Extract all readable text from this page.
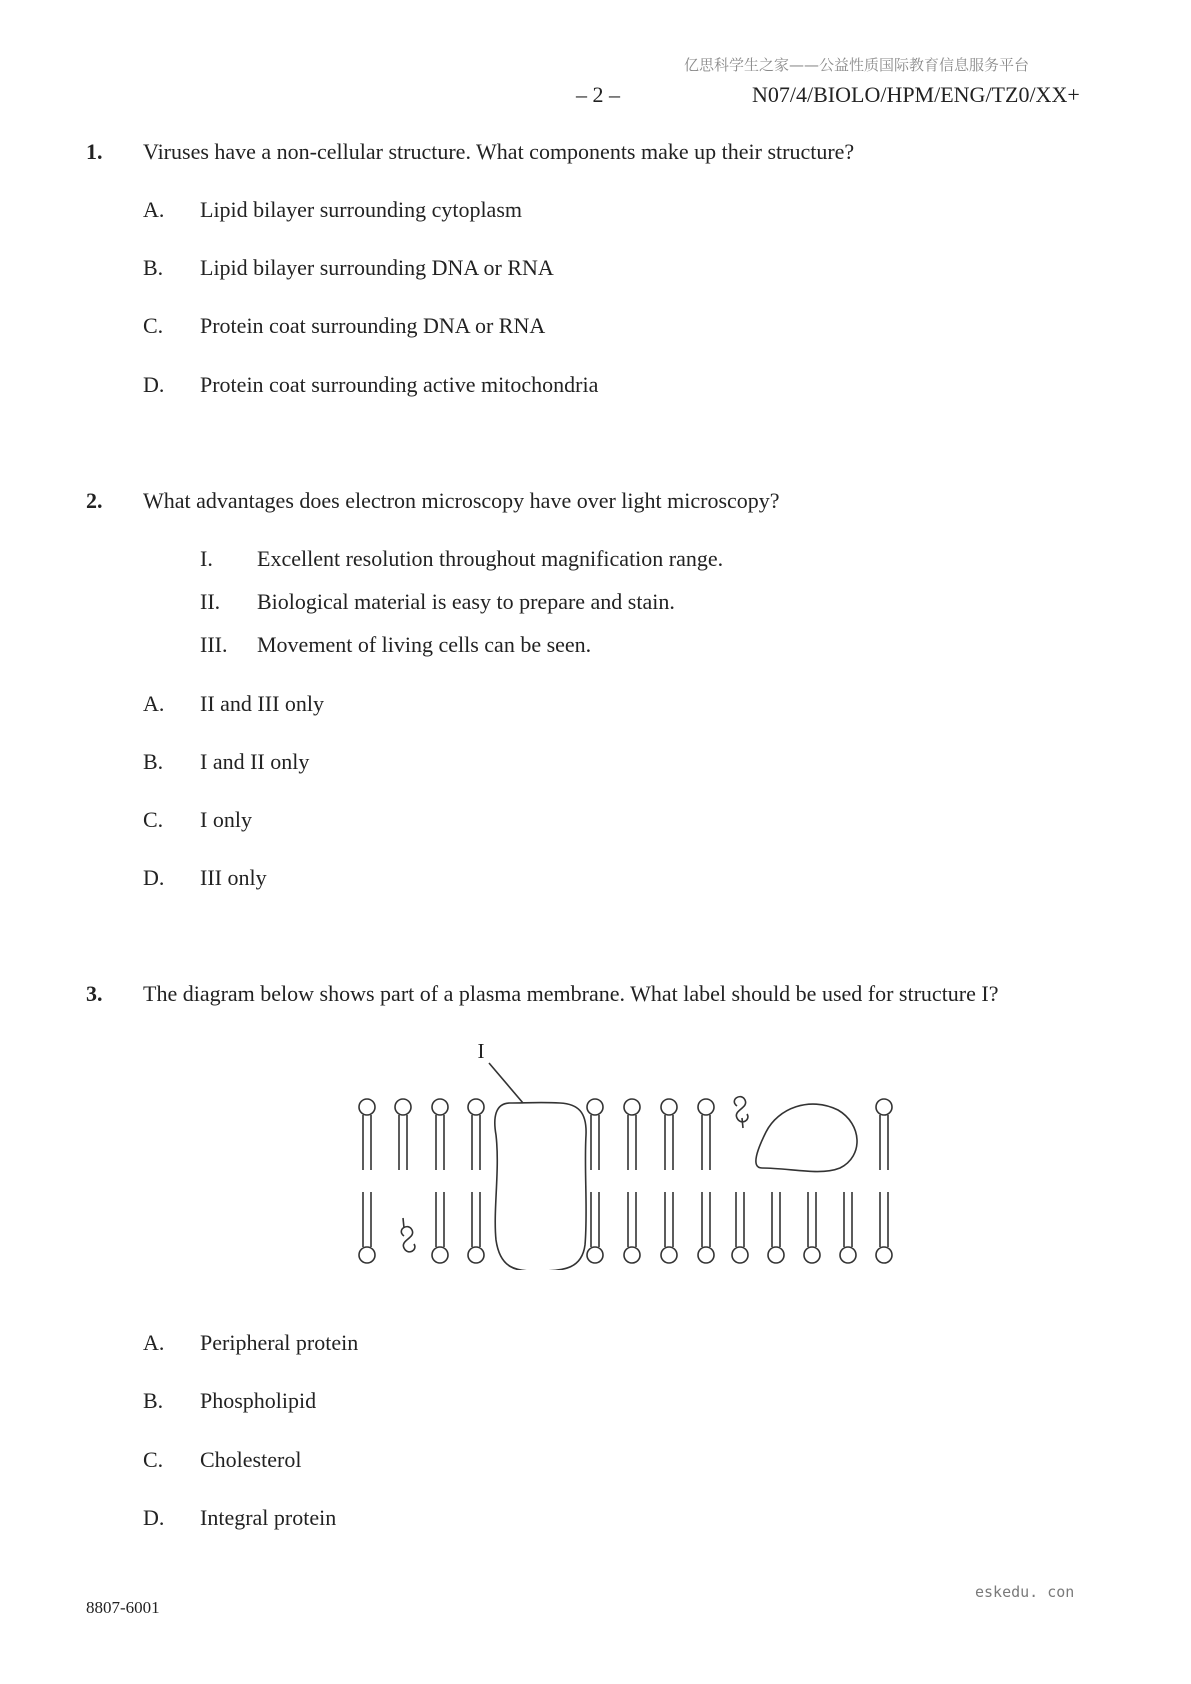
亿思科学生之家——公益性质国际教育信息服务平台
– 2 –	N07/4/BIOLO/HPM/ENG/TZ0/XX+
1. Viruses have a non-cellular structure. What components make up their structure?
A. Lipid bilayer surrounding cytoplasm
B. Lipid bilayer surrounding DNA or RNA
C. Protein coat surrounding DNA or RNA
D. Protein coat surrounding active mitochondria
2. What advantages does electron microscopy have over light microscopy?
I. Excellent resolution throughout magnification range.
II. Biological material is easy to prepare and stain.
III. Movement of living cells can be seen.
A. II and III only
B. I and II only
C. I only
D. III only
3. The diagram below shows part of a plasma membrane. What label should be used for structure I?
I
A. Peripheral protein
B. Phospholipid
C. Cholesterol
D. Integral protein
eskedu. con
8807-6001
